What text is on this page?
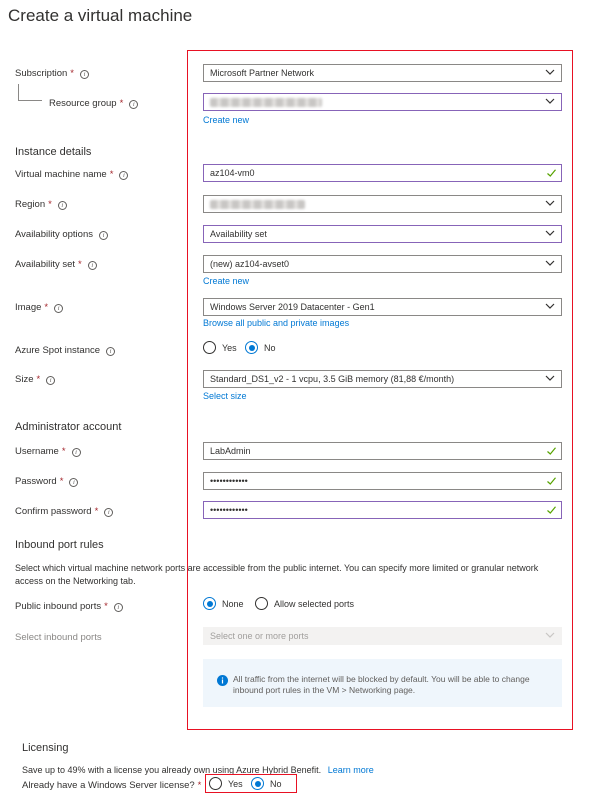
Create a virtual machine
Subscription * i	Microsoft Partner Network
Resource group * i
Create new
Instance details
Virtual machine name * i	az104-vm0
Region * i
Availability options i	Availability set
Availability set * i	(new) az104-avset0
Create new
Image * i	Windows Server 2019 Datacenter - Gen1
Browse all public and private images
Azure Spot instance i	Yes	No
Size * i	Standard_DS1_v2 - 1 vcpu, 3.5 GiB memory (81,88 €/month)
Select size
Administrator account
Username * i	LabAdmin
Password * i	••••••••••••
Confirm password * i	••••••••••••
Inbound port rules
Select which virtual machine network ports are accessible from the public internet. You can specify more limited or granular network access on the Networking tab.
Public inbound ports * i	None	Allow selected ports
Select inbound ports	Select one or more ports
All traffic from the internet will be blocked by default. You will be able to change inbound port rules in the VM > Networking page.
Licensing
Save up to 49% with a license you already own using Azure Hybrid Benefit. Learn more
Already have a Windows Server license? *	Yes	No
